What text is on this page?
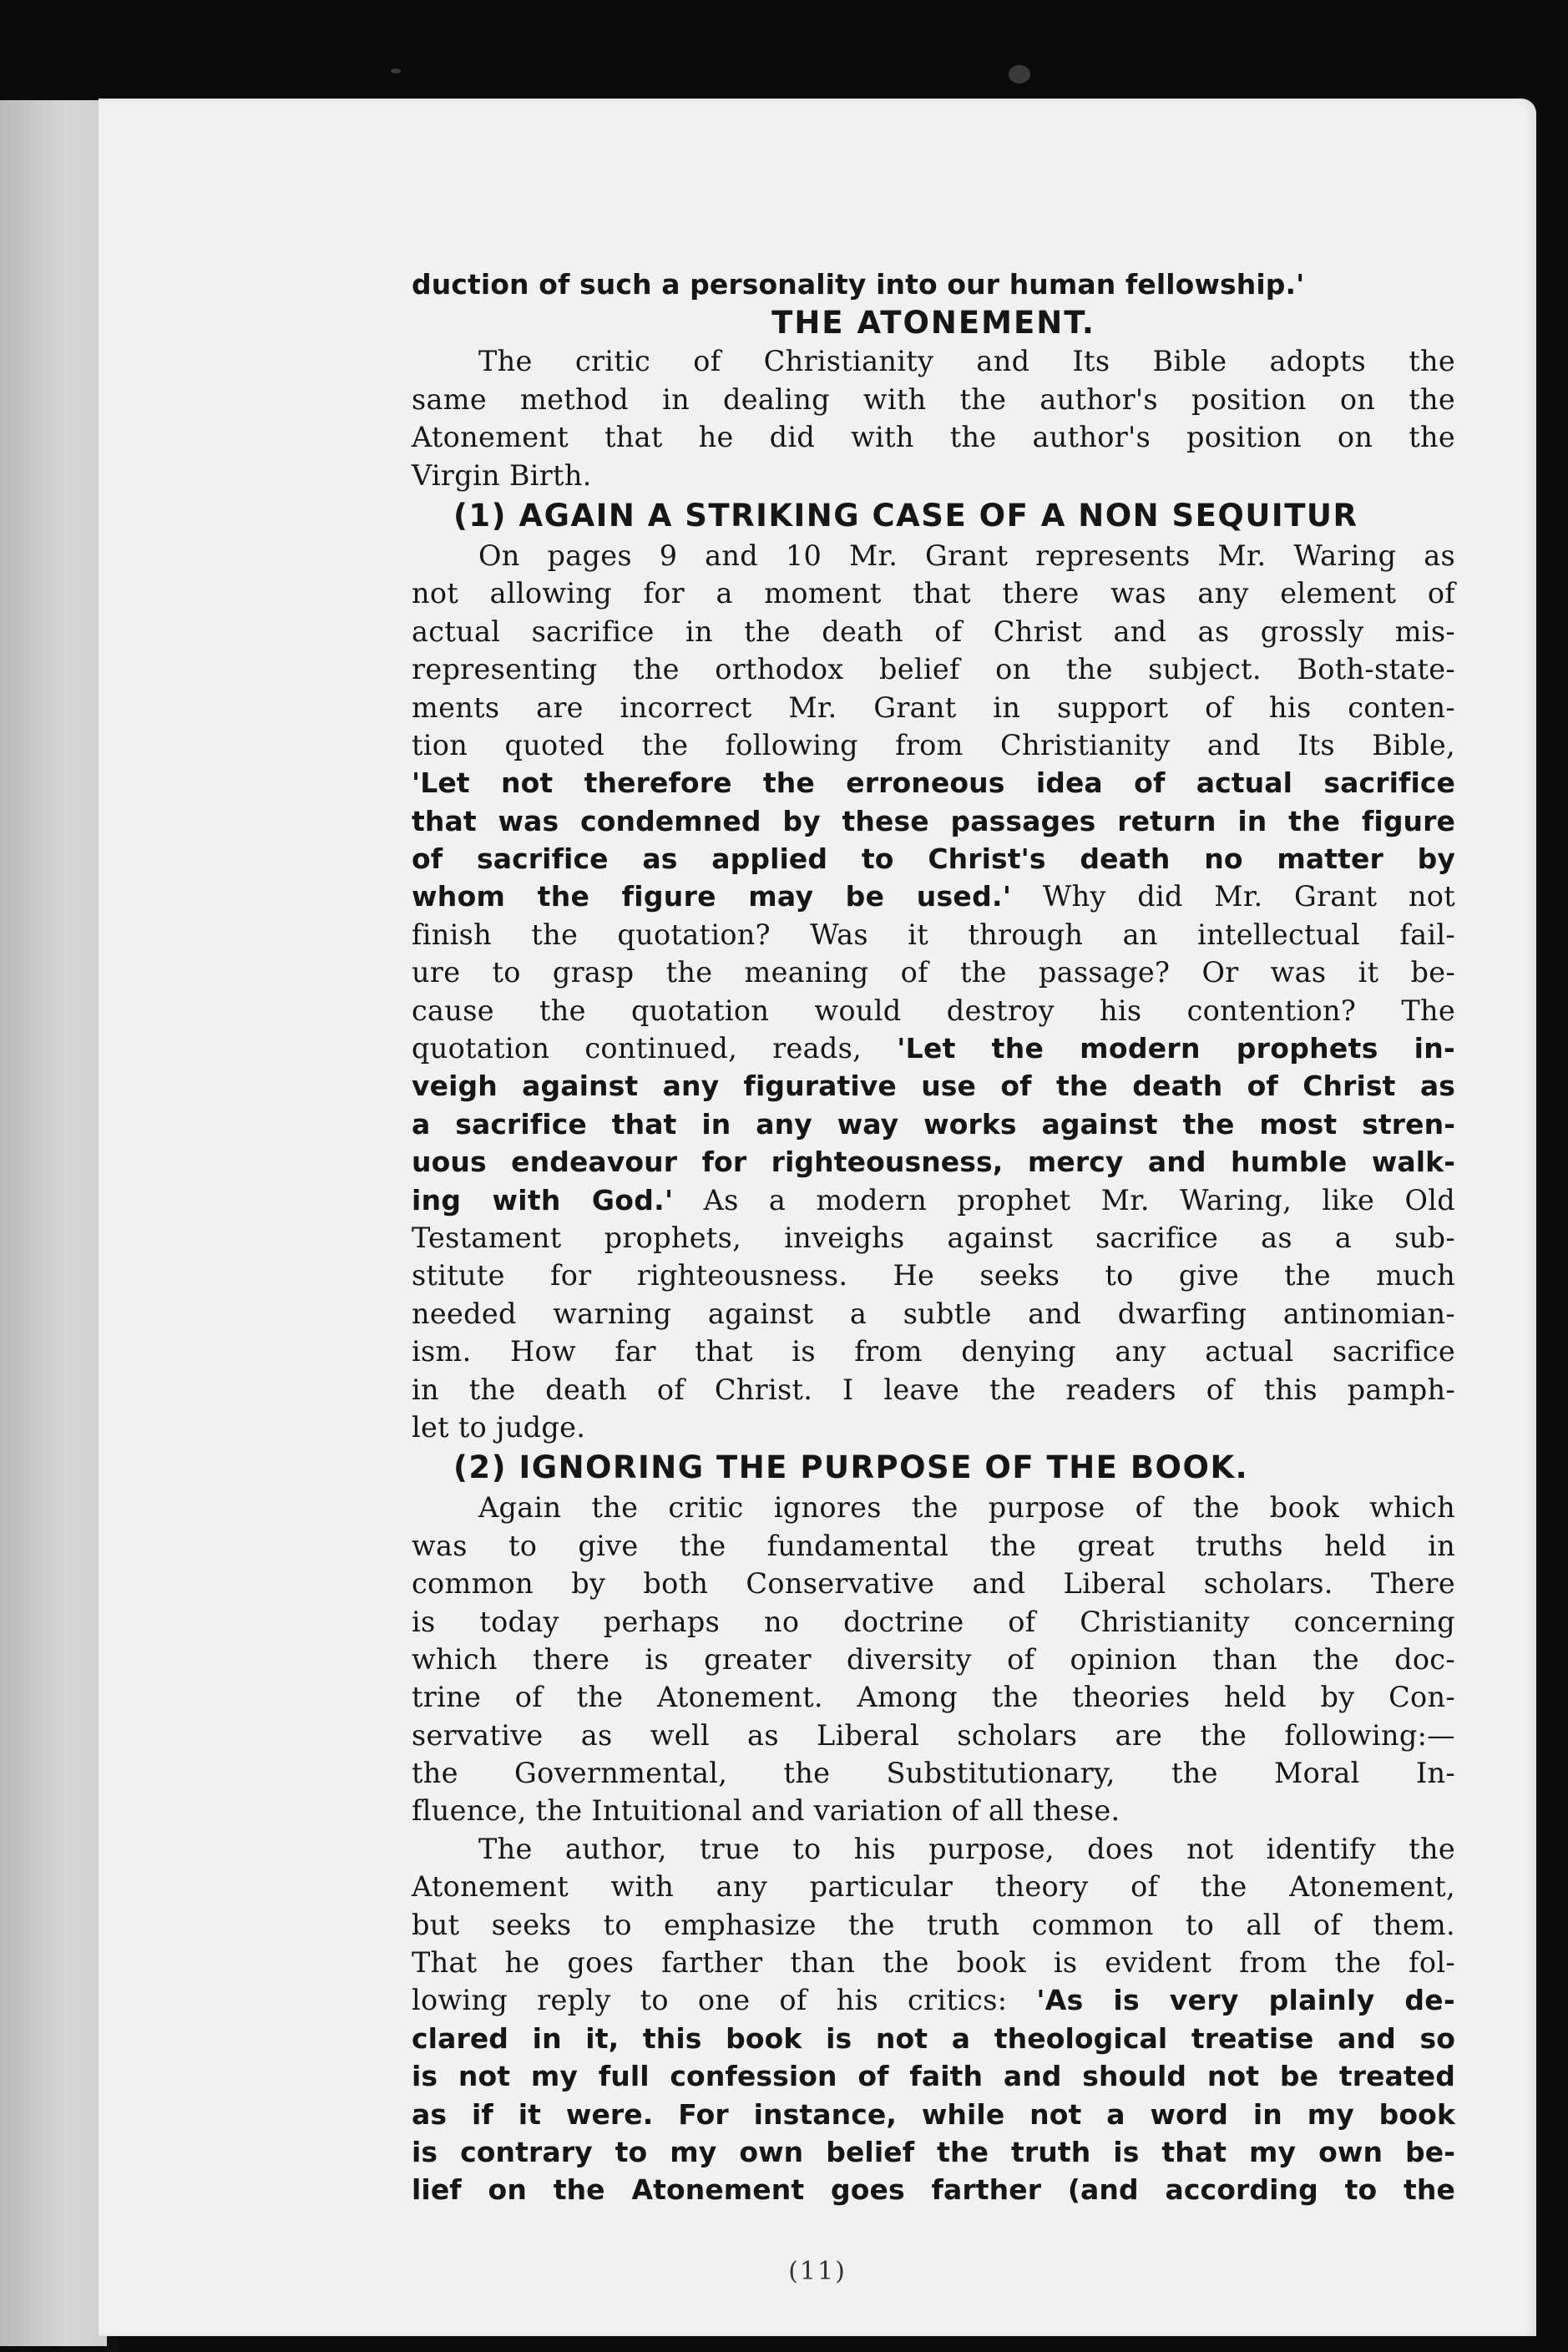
duction of such a personality into our human fellowship.'
THE ATONEMENT.
The critic of Christianity and Its Bible adopts the
same method in dealing with the author's position on the
Atonement that he did with the author's position on the
Virgin Birth.
(1) AGAIN A STRIKING CASE OF A NON SEQUITUR
On pages 9 and 10 Mr. Grant represents Mr. Waring as
not allowing for a moment that there was any element of
actual sacrifice in the death of Christ and as grossly mis-
representing the orthodox belief on the subject. Both-state-
ments are incorrect Mr. Grant in support of his conten-
tion quoted the following from Christianity and Its Bible,
'Let not therefore the erroneous idea of actual sacrifice
that was condemned by these passages return in the figure
of sacrifice as applied to Christ's death no matter by
whom the figure may be used.' Why did Mr. Grant not
finish the quotation? Was it through an intellectual fail-
ure to grasp the meaning of the passage? Or was it be-
cause the quotation would destroy his contention? The
quotation continued, reads, 'Let the modern prophets in-
veigh against any figurative use of the death of Christ as
a sacrifice that in any way works against the most stren-
uous endeavour for righteousness, mercy and humble walk-
ing with God.' As a modern prophet Mr. Waring, like Old
Testament prophets, inveighs against sacrifice as a sub-
stitute for righteousness. He seeks to give the much
needed warning against a subtle and dwarfing antinomian-
ism. How far that is from denying any actual sacrifice
in the death of Christ. I leave the readers of this pamph-
let to judge.
(2) IGNORING THE PURPOSE OF THE BOOK.
Again the critic ignores the purpose of the book which
was to give the fundamental the great truths held in
common by both Conservative and Liberal scholars. There
is today perhaps no doctrine of Christianity concerning
which there is greater diversity of opinion than the doc-
trine of the Atonement. Among the theories held by Con-
servative as well as Liberal scholars are the following:—
the Governmental, the Substitutionary, the Moral In-
fluence, the Intuitional and variation of all these.
The author, true to his purpose, does not identify the
Atonement with any particular theory of the Atonement,
but seeks to emphasize the truth common to all of them.
That he goes farther than the book is evident from the fol-
lowing reply to one of his critics: 'As is very plainly de-
clared in it, this book is not a theological treatise and so
is not my full confession of faith and should not be treated
as if it were. For instance, while not a word in my book
is contrary to my own belief the truth is that my own be-
lief on the Atonement goes farther (and according to the
(11)
